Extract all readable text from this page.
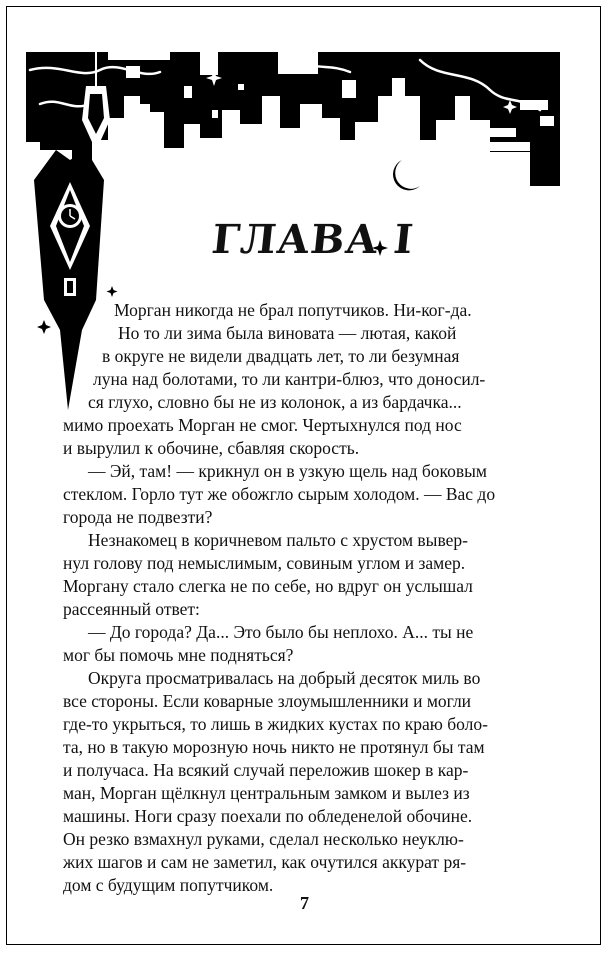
ГЛАВА I
Морган никогда не брал попутчиков. Ни-ког-да.
Но то ли зима была виновата — лютая, какой
в округе не видели двадцать лет, то ли безумная
луна над болотами, то ли кантри-блюз, что доносил-
ся глухо, словно бы не из колонок, а из бардачка...
мимо проехать Морган не смог. Чертыхнулся под нос
и вырулил к обочине, сбавляя скорость.
— Эй, там! — крикнул он в узкую щель над боковым
стеклом. Горло тут же обожгло сырым холодом. — Вас до
города не подвезти?
Незнакомец в коричневом пальто с хрустом вывер-
нул голову под немыслимым, совиным углом и замер.
Моргану стало слегка не по себе, но вдруг он услышал
рассеянный ответ:
— До города? Да... Это было бы неплохо. А... ты не
мог бы помочь мне подняться?
Округа просматривалась на добрый десяток миль во
все стороны. Если коварные злоумышленники и могли
где-то укрыться, то лишь в жидких кустах по краю боло-
та, но в такую морозную ночь никто не протянул бы там
и получаса. На всякий случай переложив шокер в кар-
ман, Морган щёлкнул центральным замком и вылез из
машины. Ноги сразу поехали по обледенелой обочине.
Он резко взмахнул руками, сделал несколько неуклю-
жих шагов и сам не заметил, как очутился аккурат ря-
дом с будущим попутчиком.
7
